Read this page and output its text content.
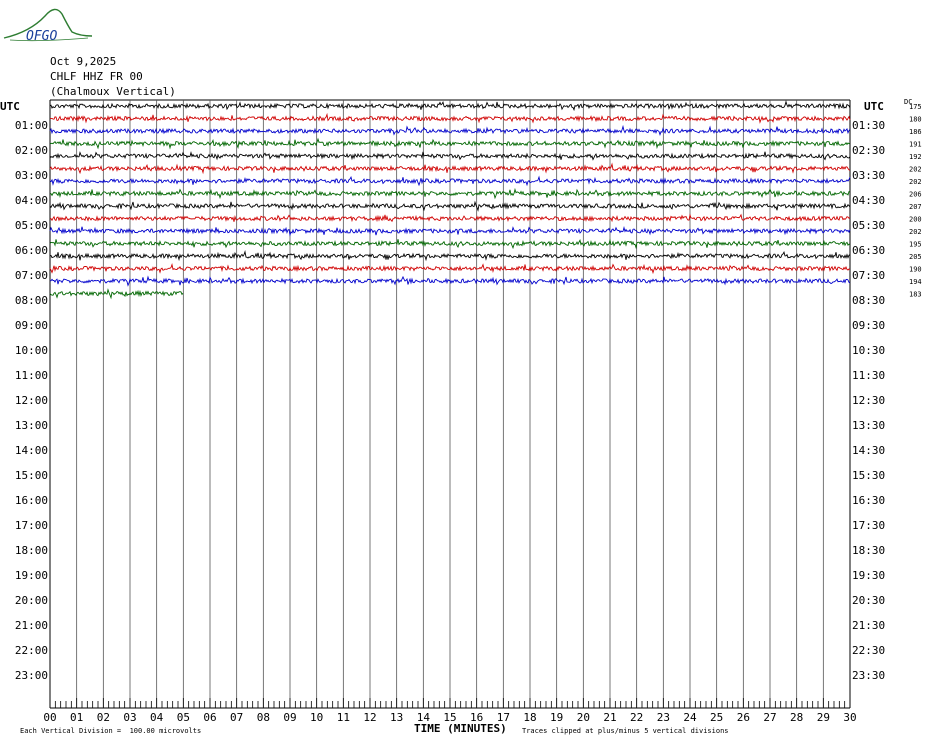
OFGO
Oct 9,2025
CHLF HHZ FR 00
(Chalmoux Vertical)
UTC	UTC	DC
00 01 02 03 04 05 06 07 08 09 10 11 12 13 14 15 16 17 18 19 20 21 22 23 24 25 26 27 28 29 30
01:00
02:00
03:00
04:00
05:00
06:00
07:00
08:00
09:00
10:00
11:00
12:00
13:00
14:00
15:00
16:00
17:00
18:00
19:00
20:00
21:00
22:00
23:00
01:30
02:30
03:30
04:30
05:30
06:30
07:30
08:30
09:30
10:30
11:30
12:30
13:30
14:30
15:30
16:30
17:30
18:30
19:30
20:30
21:30
22:30
23:30
175
180
186
191
192
202
202
206
207
200
202
195
205
190
194
183
TIME (MINUTES)
Each Vertical Division =  100.00 microvolts	Traces clipped at plus/minus 5 vertical divisions
